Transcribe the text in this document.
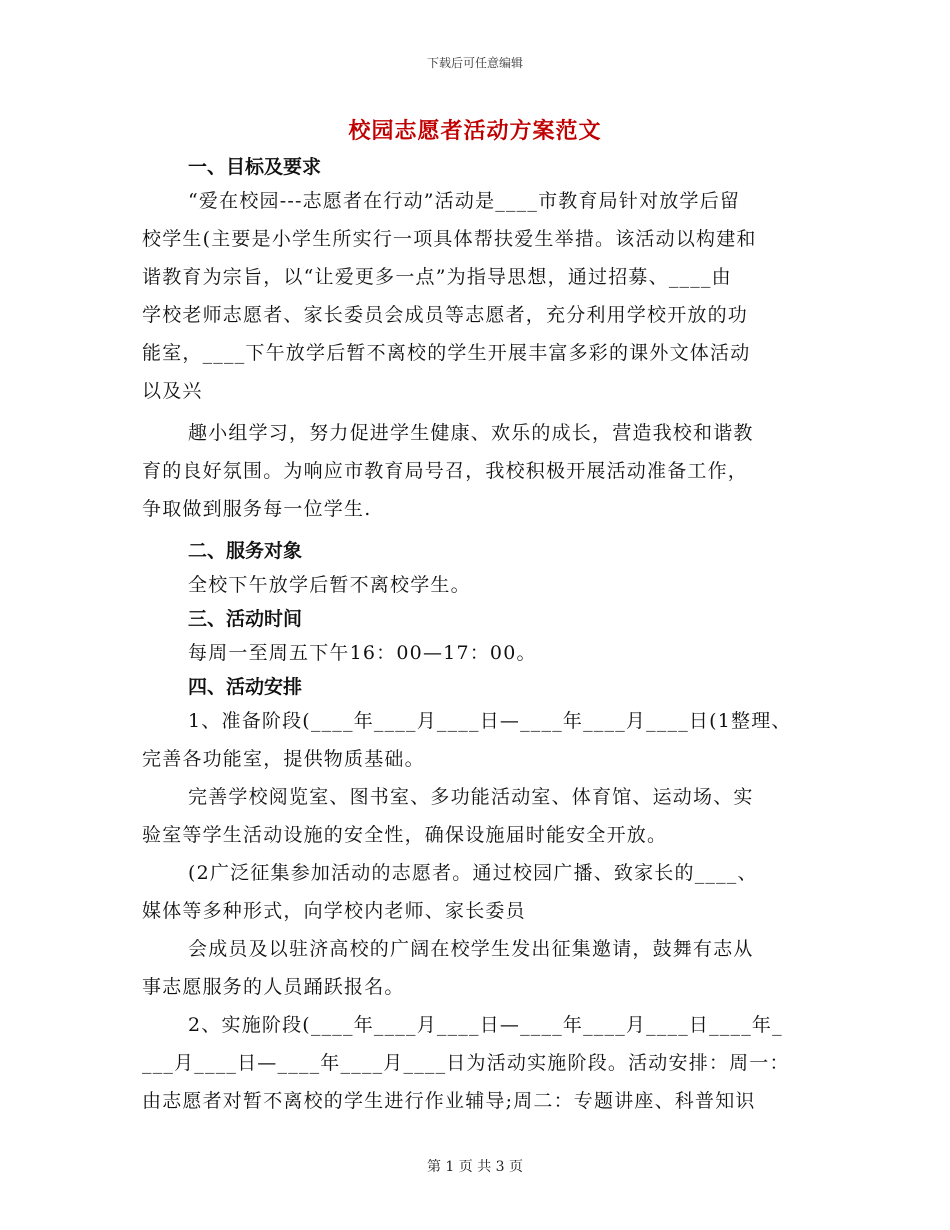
下载后可任意编辑
校园志愿者活动方案范文
一、目标及要求
“爱在校园---志愿者在行动”活动是____市教育局针对放学后留
校学生(主要是小学生所实行一项具体帮扶爱生举措。该活动以构建和
谐教育为宗旨，以“让爱更多一点”为指导思想，通过招募、____由
学校老师志愿者、家长委员会成员等志愿者，充分利用学校开放的功
能室，____下午放学后暂不离校的学生开展丰富多彩的课外文体活动
以及兴
趣小组学习，努力促进学生健康、欢乐的成长，营造我校和谐教
育的良好氛围。为响应市教育局号召，我校积极开展活动准备工作，
争取做到服务每一位学生.
二、服务对象
全校下午放学后暂不离校学生。
三、活动时间
每周一至周五下午16：00—17：00。
四、活动安排
1、准备阶段(____年____月____日—____年____月____日(1整理、
完善各功能室，提供物质基础。
完善学校阅览室、图书室、多功能活动室、体育馆、运动场、实
验室等学生活动设施的安全性，确保设施届时能安全开放。
(2广泛征集参加活动的志愿者。通过校园广播、致家长的____、
媒体等多种形式，向学校内老师、家长委员
会成员及以驻济高校的广阔在校学生发出征集邀请，鼓舞有志从
事志愿服务的人员踊跃报名。
2、实施阶段(____年____月____日—____年____月____日____年_
___月____日—____年____月____日为活动实施阶段。活动安排：周一：
由志愿者对暂不离校的学生进行作业辅导;周二：专题讲座、科普知识
第 1 页 共 3 页
